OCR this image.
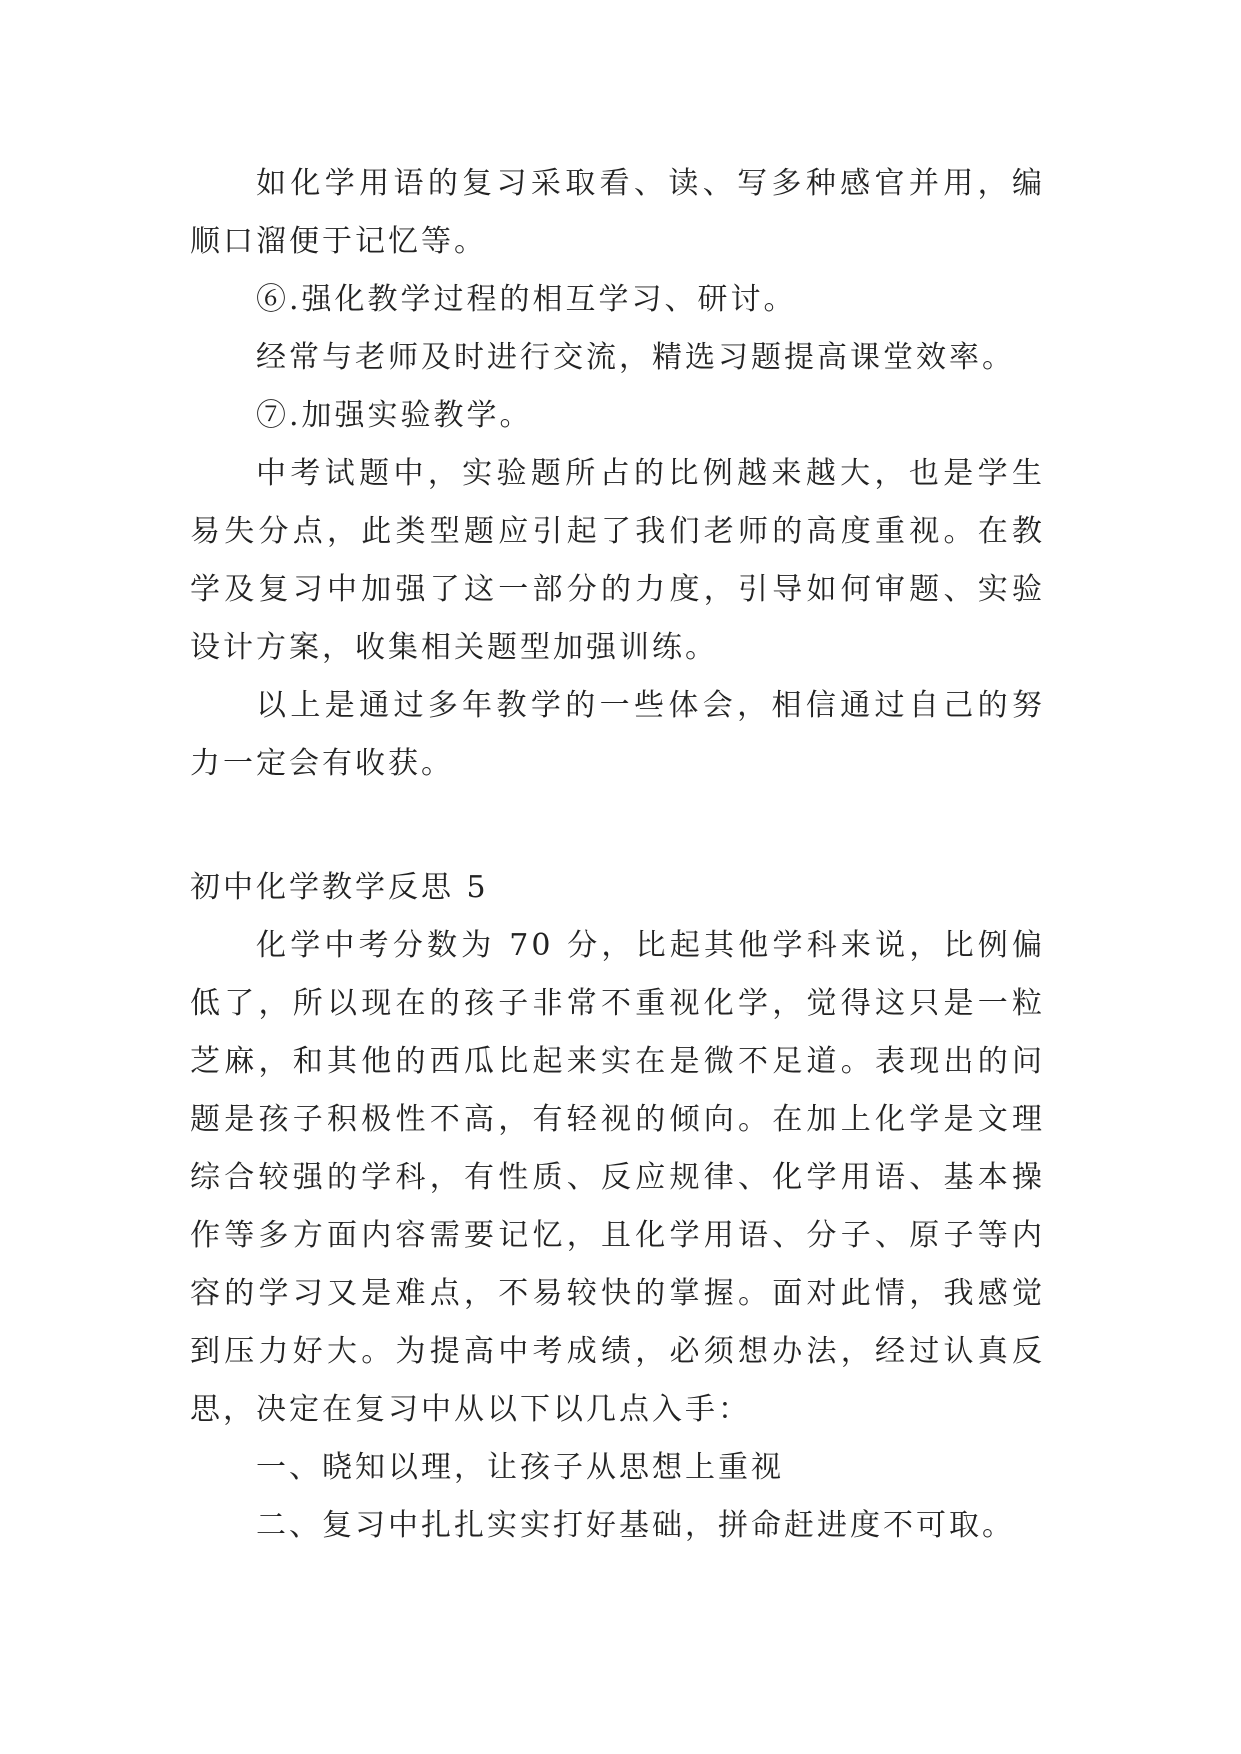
如化学用语的复习采取看、读、写多种感官并用，编顺口溜便于记忆等。

⑥.强化教学过程的相互学习、研讨。

经常与老师及时进行交流，精选习题提高课堂效率。

⑦.加强实验教学。

中考试题中，实验题所占的比例越来越大，也是学生易失分点，此类型题应引起了我们老师的高度重视。在教学及复习中加强了这一部分的力度，引导如何审题、实验设计方案，收集相关题型加强训练。

以上是通过多年教学的一些体会，相信通过自己的努力一定会有收获。

初中化学教学反思 5

化学中考分数为 70 分，比起其他学科来说，比例偏低了，所以现在的孩子非常不重视化学，觉得这只是一粒芝麻，和其他的西瓜比起来实在是微不足道。表现出的问题是孩子积极性不高，有轻视的倾向。在加上化学是文理综合较强的学科，有性质、反应规律、化学用语、基本操作等多方面内容需要记忆，且化学用语、分子、原子等内容的学习又是难点，不易较快的掌握。面对此情，我感觉到压力好大。为提高中考成绩，必须想办法，经过认真反思，决定在复习中从以下以几点入手：

一、晓知以理，让孩子从思想上重视

二、复习中扎扎实实打好基础，拼命赶进度不可取。
